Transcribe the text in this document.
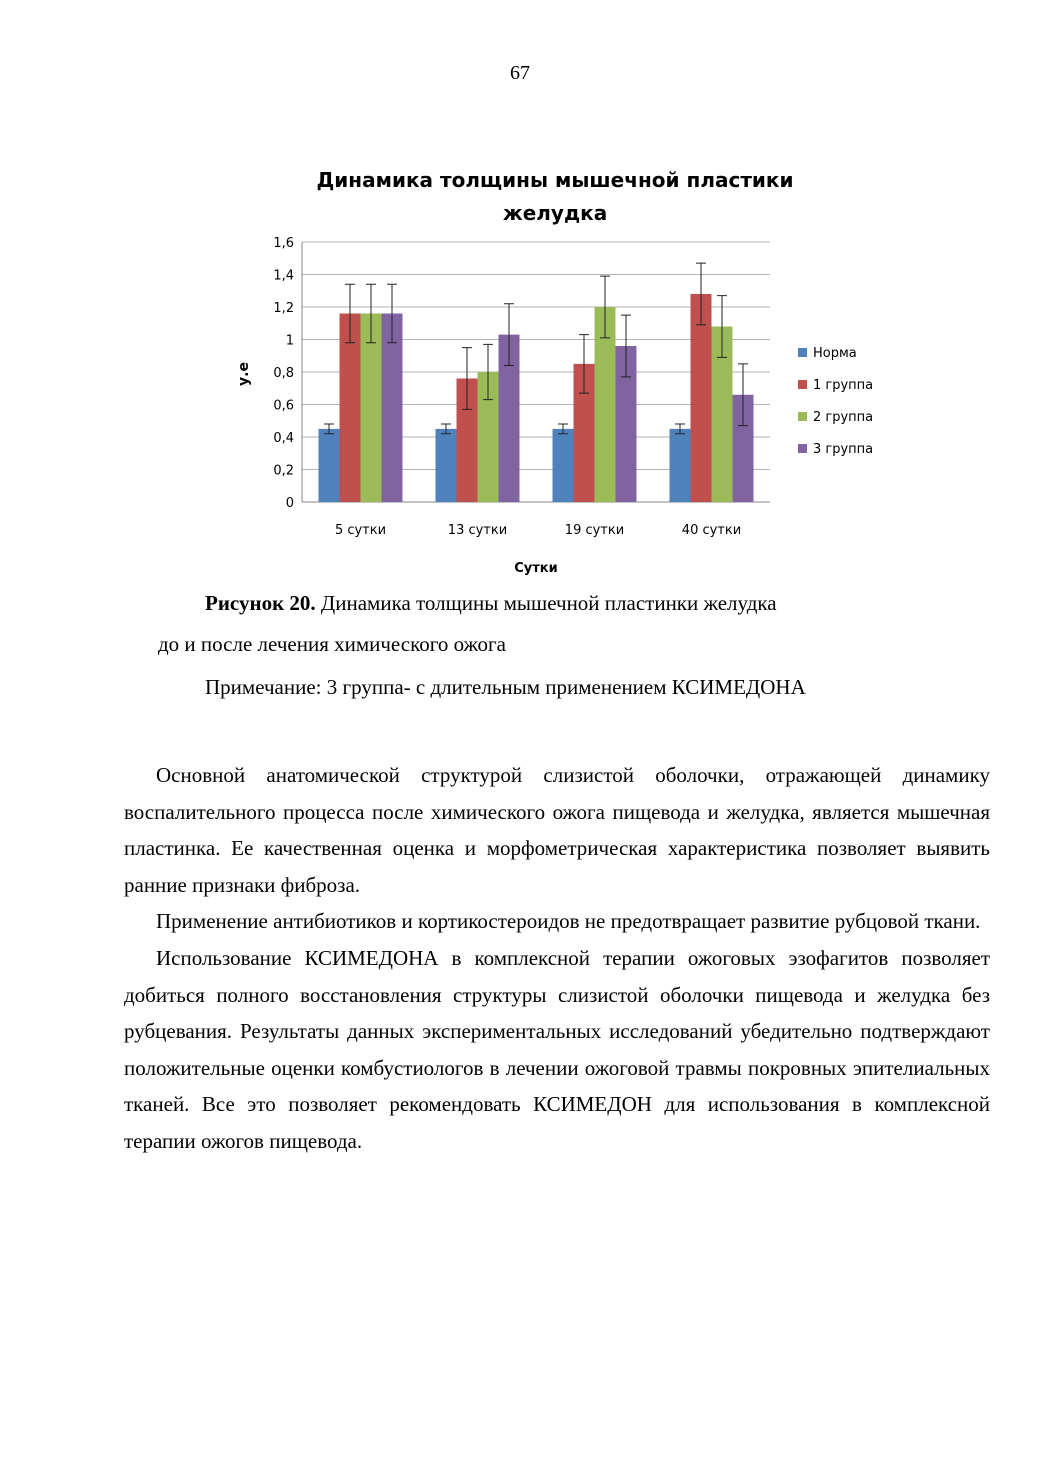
67
Динамика толщины мышечной пластики
желудка
0
0,2
0,4
0,6
0,8
1
1,2
1,4
1,6
5 сутки	13 сутки	19 сутки	40 сутки
Норма
1 группа
2 группа
3 группа
у.е
Сутки
Рисунок 20. Динамика толщины мышечной пластинки желудка
до и после лечения химического ожога
Примечание: 3 группа- с длительным применением КСИМЕДОНА

Основной анатомической структурой слизистой оболочки, отражающей динамику воспалительного процесса после химического ожога пищевода и желудка, является мышечная пластинка. Ее качественная оценка и морфометрическая характеристика позволяет выявить ранние признаки фиброза.

Применение антибиотиков и кортикостероидов не предотвращает развитие рубцовой ткани.

Использование КСИМЕДОНА в комплексной терапии ожоговых эзофагитов позволяет добиться полного восстановления структуры слизистой оболочки пищевода и желудка без рубцевания. Результаты данных экспериментальных исследований убедительно подтверждают положительные оценки комбустиологов в лечении ожоговой травмы покровных эпителиальных тканей. Все это позволяет рекомендовать КСИМЕДОН для использования в комплексной терапии ожогов пищевода.
